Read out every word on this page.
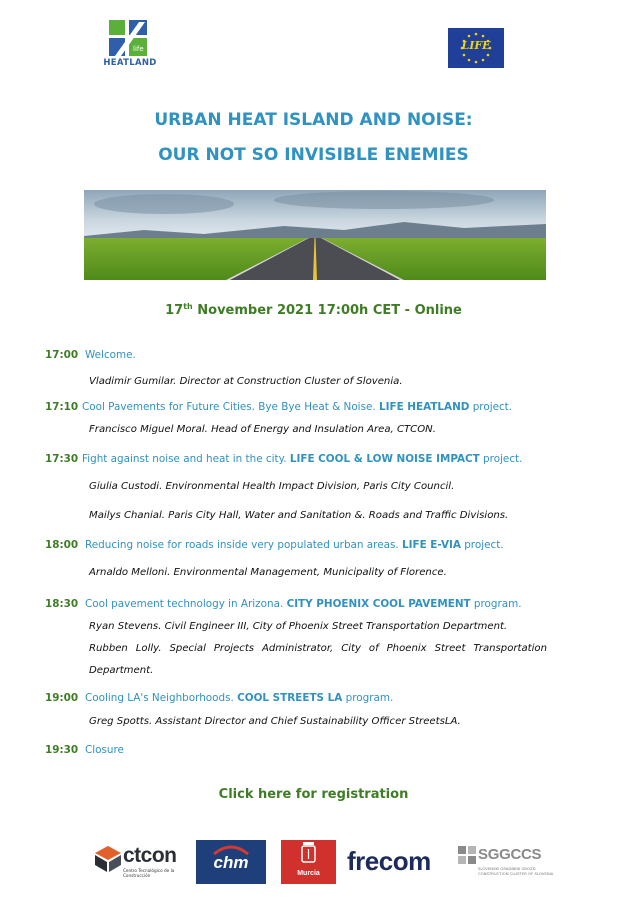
life
HEATLAND
LIFE
URBAN HEAT ISLAND AND NOISE:
OUR NOT SO INVISIBLE ENEMIES
17th November 2021 17:00h CET - Online
17:00 Welcome.
Vladimir Gumilar. Director at Construction Cluster of Slovenia.
17:10 Cool Pavements for Future Cities. Bye Bye Heat & Noise. LIFE HEATLAND project.
Francisco Miguel Moral. Head of Energy and Insulation Area, CTCON.
17:30 Fight against noise and heat in the city. LIFE COOL & LOW NOISE IMPACT project.
Giulia Custodi. Environmental Health Impact Division, Paris City Council.
Mailys Chanial. Paris City Hall, Water and Sanitation &. Roads and Traffic Divisions.
18:00 Reducing noise for roads inside very populated urban areas. LIFE E-VIA project.
Arnaldo Melloni. Environmental Management, Municipality of Florence.
18:30 Cool pavement technology in Arizona. CITY PHOENIX COOL PAVEMENT program.
Ryan Stevens. Civil Engineer III, City of Phoenix Street Transportation Department.
Rubben Lolly. Special Projects Administrator, City of Phoenix Street Transportation Department.
19:00 Cooling LA's Neighborhoods. COOL STREETS LA program.
Greg Spotts. Assistant Director and Chief Sustainability Officer StreetsLA.
19:30 Closure
Click here for registration
ctcon
Centro Tecnológico de la Construcción
chm
Murcia	frecom	SGGCCS
SLOVENSKI GRADBENI GROZD CONSTRUCTION CLUSTER OF SLOVENIA
